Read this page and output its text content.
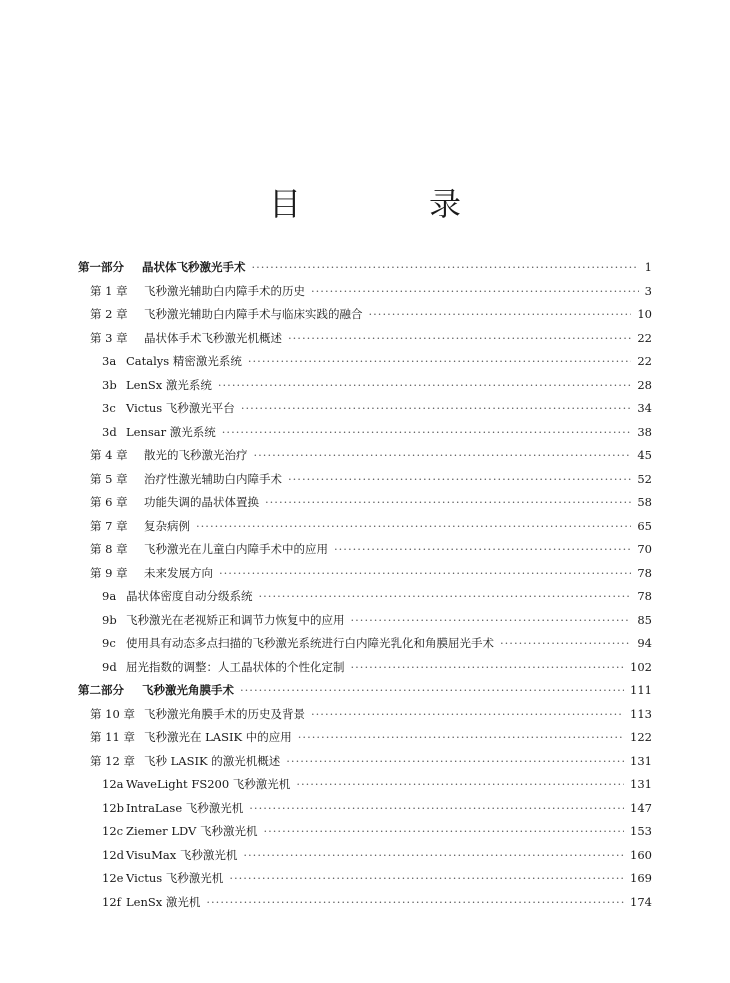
目　录
第一部分	晶状体飞秒激光手术 ·····	1
第 1 章	飞秒激光辅助白内障手术的历史 ·····	3
第 2 章	飞秒激光辅助白内障手术与临床实践的融合 ·····	10
第 3 章	晶状体手术飞秒激光机概述 ·····	22
3a Catalys 精密激光系统 ·····	22
3b LenSx 激光系统 ·····	28
3c Victus 飞秒激光平台 ·····	34
3d Lensar 激光系统 ·····	38
第 4 章	散光的飞秒激光治疗 ·····	45
第 5 章	治疗性激光辅助白内障手术 ·····	52
第 6 章	功能失调的晶状体置换 ·····	58
第 7 章	复杂病例 ·····	65
第 8 章	飞秒激光在儿童白内障手术中的应用 ·····	70
第 9 章	未来发展方向 ·····	78
9a 晶状体密度自动分级系统 ·····	78
9b 飞秒激光在老视矫正和调节力恢复中的应用 ·····	85
9c 使用具有动态多点扫描的飞秒激光系统进行白内障光乳化和角膜屈光手术 ·····	94
9d 屈光指数的调整：人工晶状体的个性化定制 ·····	102
第二部分	飞秒激光角膜手术 ·····	111
第 10 章 飞秒激光角膜手术的历史及背景 ·····	113
第 11 章 飞秒激光在 LASIK 中的应用 ·····	122
第 12 章 飞秒 LASIK 的激光机概述 ·····	131
12a WaveLight FS200 飞秒激光机 ·····	131
12b IntraLase 飞秒激光机 ·····	147
12c Ziemer LDV 飞秒激光机 ·····	153
12d VisuMax 飞秒激光机 ·····	160
12e Victus 飞秒激光机 ·····	169
12f LenSx 激光机 ·····	174
